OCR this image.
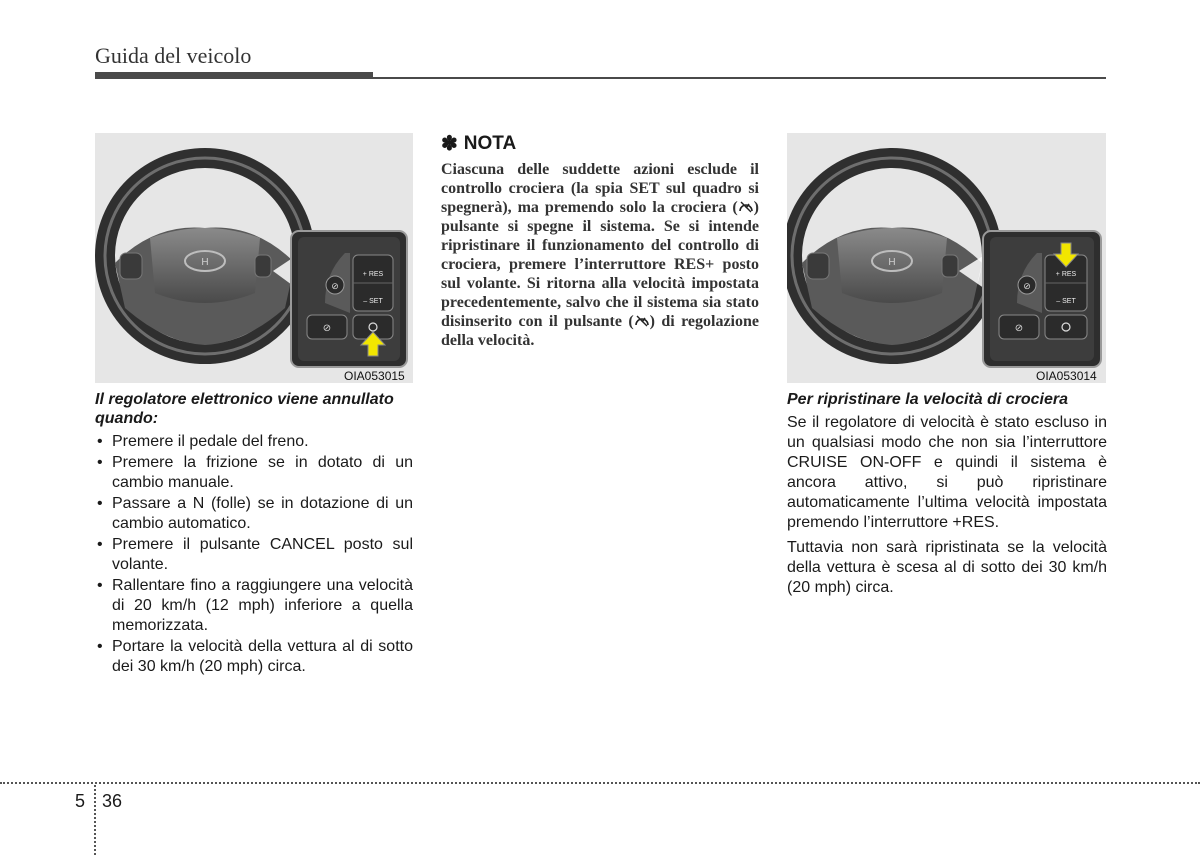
Guida del veicolo
H
⊘
+ RES
– SET
⊘
OIA053015
Il regolatore elettronico viene annullato quando:
• Premere il pedale del freno.
• Premere la frizione se in dotato di un cambio manuale.
• Passare a N (folle) se in dotazione di un cambio automatico.
• Premere il pulsante CANCEL posto sul volante.
• Rallentare fino a raggiungere una velocità di 20 km/h (12 mph) inferiore a quella memorizzata.
• Portare la velocità della vettura al di sotto dei 30 km/h (20 mph) circa.
✽ NOTA

Ciascuna delle suddette azioni esclude il controllo crociera (la spia SET sul quadro si spegnerà), ma premendo solo la crociera ( ) pulsante si spegne il sistema. Se si intende ripristinare il funzionamento del controllo di crociera, premere l’interruttore RES+ posto sul volante. Si ritorna alla velocità impostata precedentemente, salvo che il sistema sia stato disinserito con il pulsante ( ) di regolazione della velocità.

H
⊘
+ RES
– SET
⊘
OIA053014
Per ripristinare la velocità di crociera

Se il regolatore di velocità è stato escluso in un qualsiasi modo che non sia l’interruttore CRUISE ON-OFF e quindi il sistema è ancora attivo, si può ripristinare automaticamente l’ultima velocità impostata premendo l’interruttore +RES.

Tuttavia non sarà ripristinata se la velocità della vettura è scesa al di sotto dei 30 km/h (20 mph) circa.

5 36
